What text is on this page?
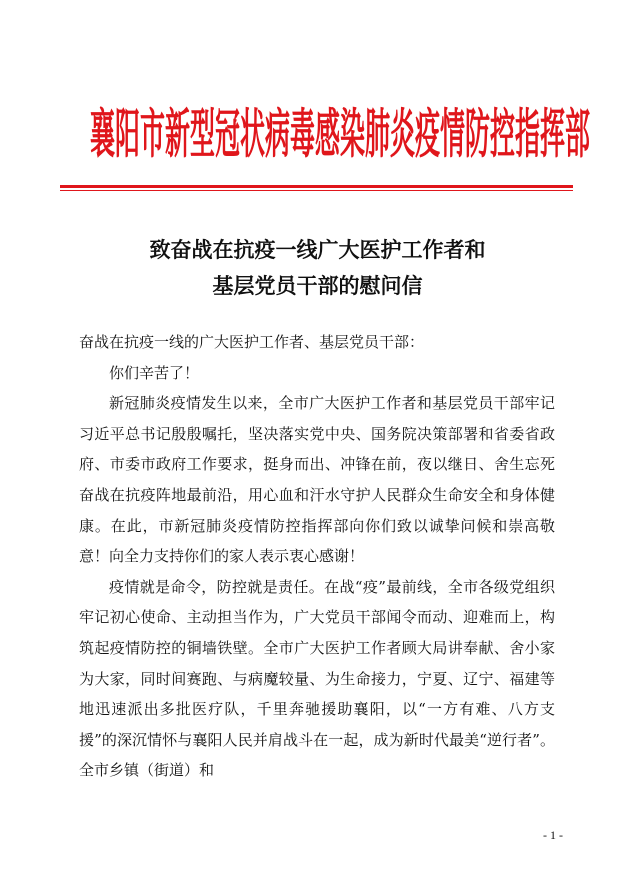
襄阳市新型冠状病毒感染肺炎疫情防控指挥部
致奋战在抗疫一线广大医护工作者和
基层党员干部的慰问信

奋战在抗疫一线的广大医护工作者、基层党员干部：

你们辛苦了！

新冠肺炎疫情发生以来，全市广大医护工作者和基层党员干部牢记习近平总书记殷殷嘱托，坚决落实党中央、国务院决策部署和省委省政府、市委市政府工作要求，挺身而出、冲锋在前，夜以继日、舍生忘死奋战在抗疫阵地最前沿，用心血和汗水守护人民群众生命安全和身体健康。在此，市新冠肺炎疫情防控指挥部向你们致以诚挚问候和崇高敬意！向全力支持你们的家人表示衷心感谢！

疫情就是命令，防控就是责任。在战“疫”最前线，全市各级党组织牢记初心使命、主动担当作为，广大党员干部闻令而动、迎难而上，构筑起疫情防控的铜墙铁壁。全市广大医护工作者顾大局讲奉献、舍小家为大家，同时间赛跑、与病魔较量、为生命接力，宁夏、辽宁、福建等地迅速派出多批医疗队，千里奔驰援助襄阳，以“一方有难、八方支援”的深沉情怀与襄阳人民并肩战斗在一起，成为新时代最美“逆行者”。全市乡镇（街道）和

- 1 -
